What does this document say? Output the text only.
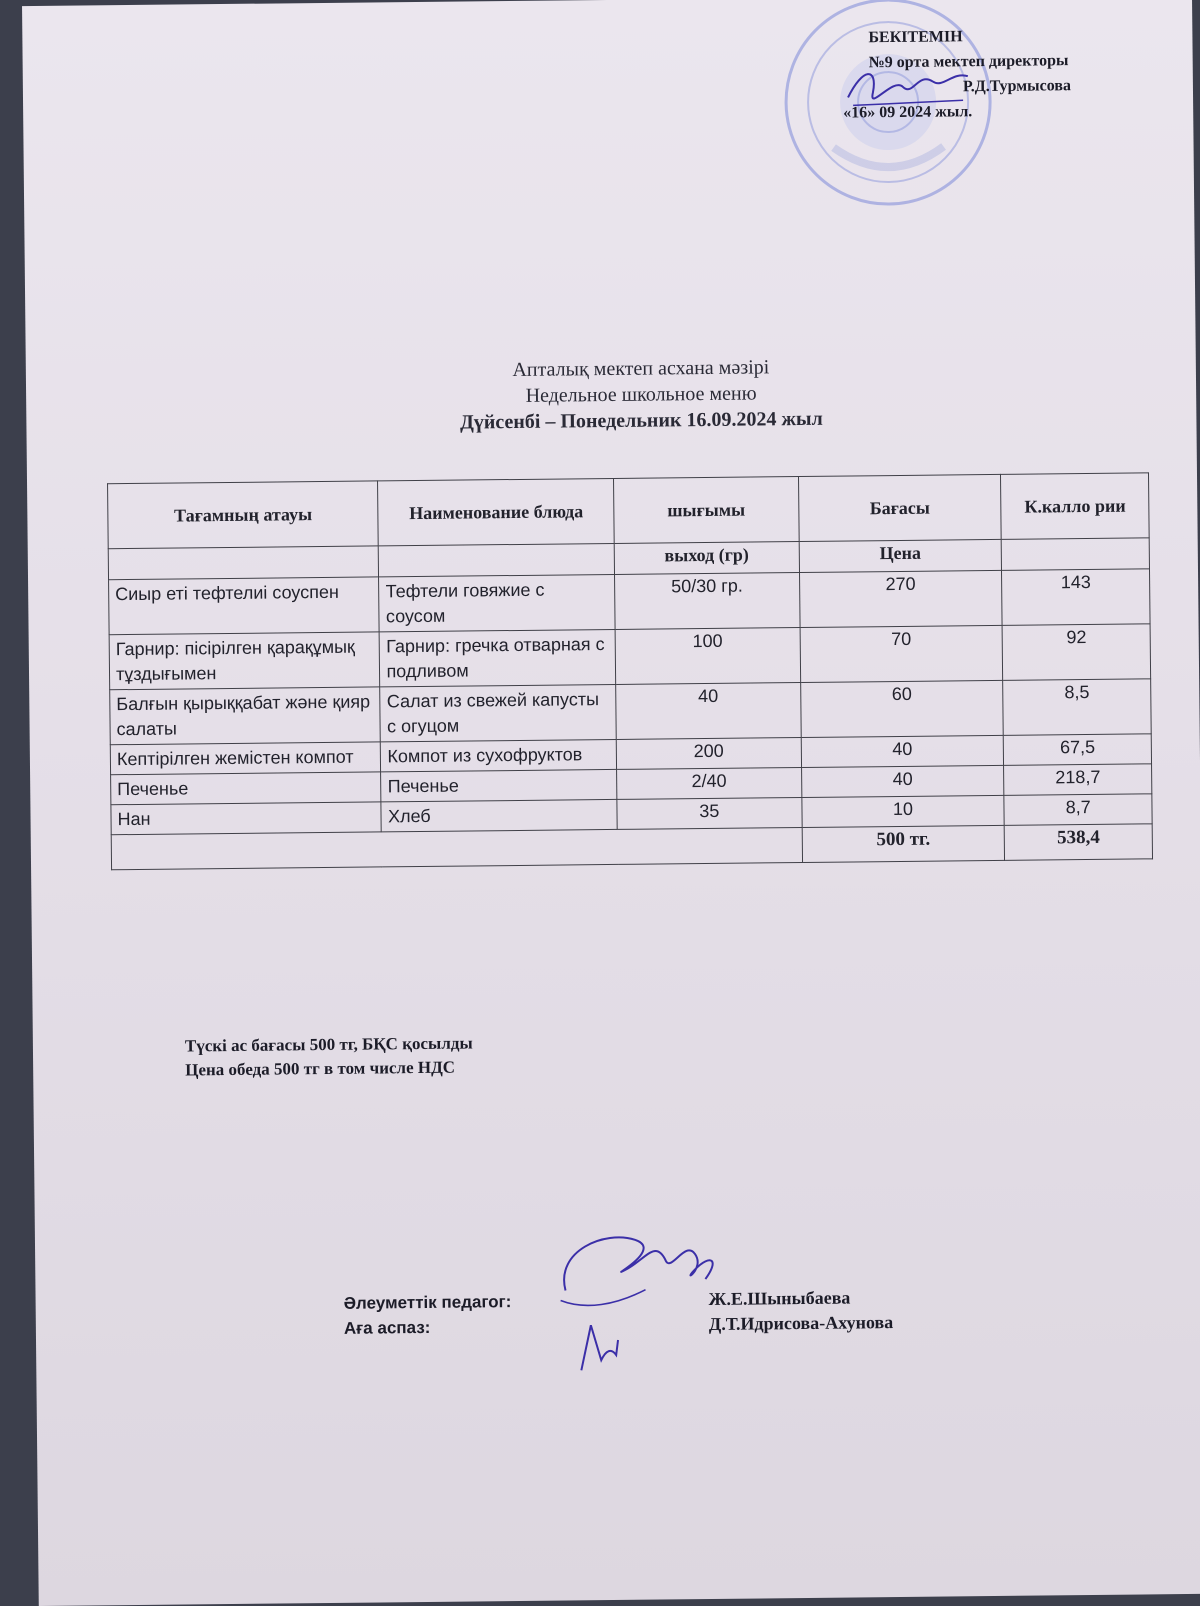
БЕКІТЕМІН
№9 орта мектеп директоры
Р.Д.Турмысова
«16» 09 2024 жыл.
Апталық мектеп асхана мәзірі
Недельное школьное меню
Дүйсенбі – Понедельник 16.09.2024 жыл
Тағамның атауы	Наименование блюда	шығымы	Бағасы	К.калло рии
		выход (гр)	Цена	
Сиыр еті тефтелиі соуспен	Тефтели говяжие с соусом	50/30 гр.	270	143
Гарнир: пісірілген қарақұмық тұздығымен	Гарнир: гречка отварная с подливом	100	70	92
Балғын қырыққабат және қияр салаты	Салат из свежей капусты с огуцом	40	60	8,5
Кептірілген жемістен компот	Компот из сухофруктов	200	40	67,5
Печенье	Печенье	2/40	40	218,7
Нан	Хлеб	35	10	8,7
			500 тг.	538,4
Түскі ас бағасы 500 тг, БҚС қосылды
Цена обеда 500 тг в том числе НДС
Әлеуметтік педагог:	Ж.Е.Шыныбаева
Аға аспаз:	Д.Т.Идрисова-Ахунова
